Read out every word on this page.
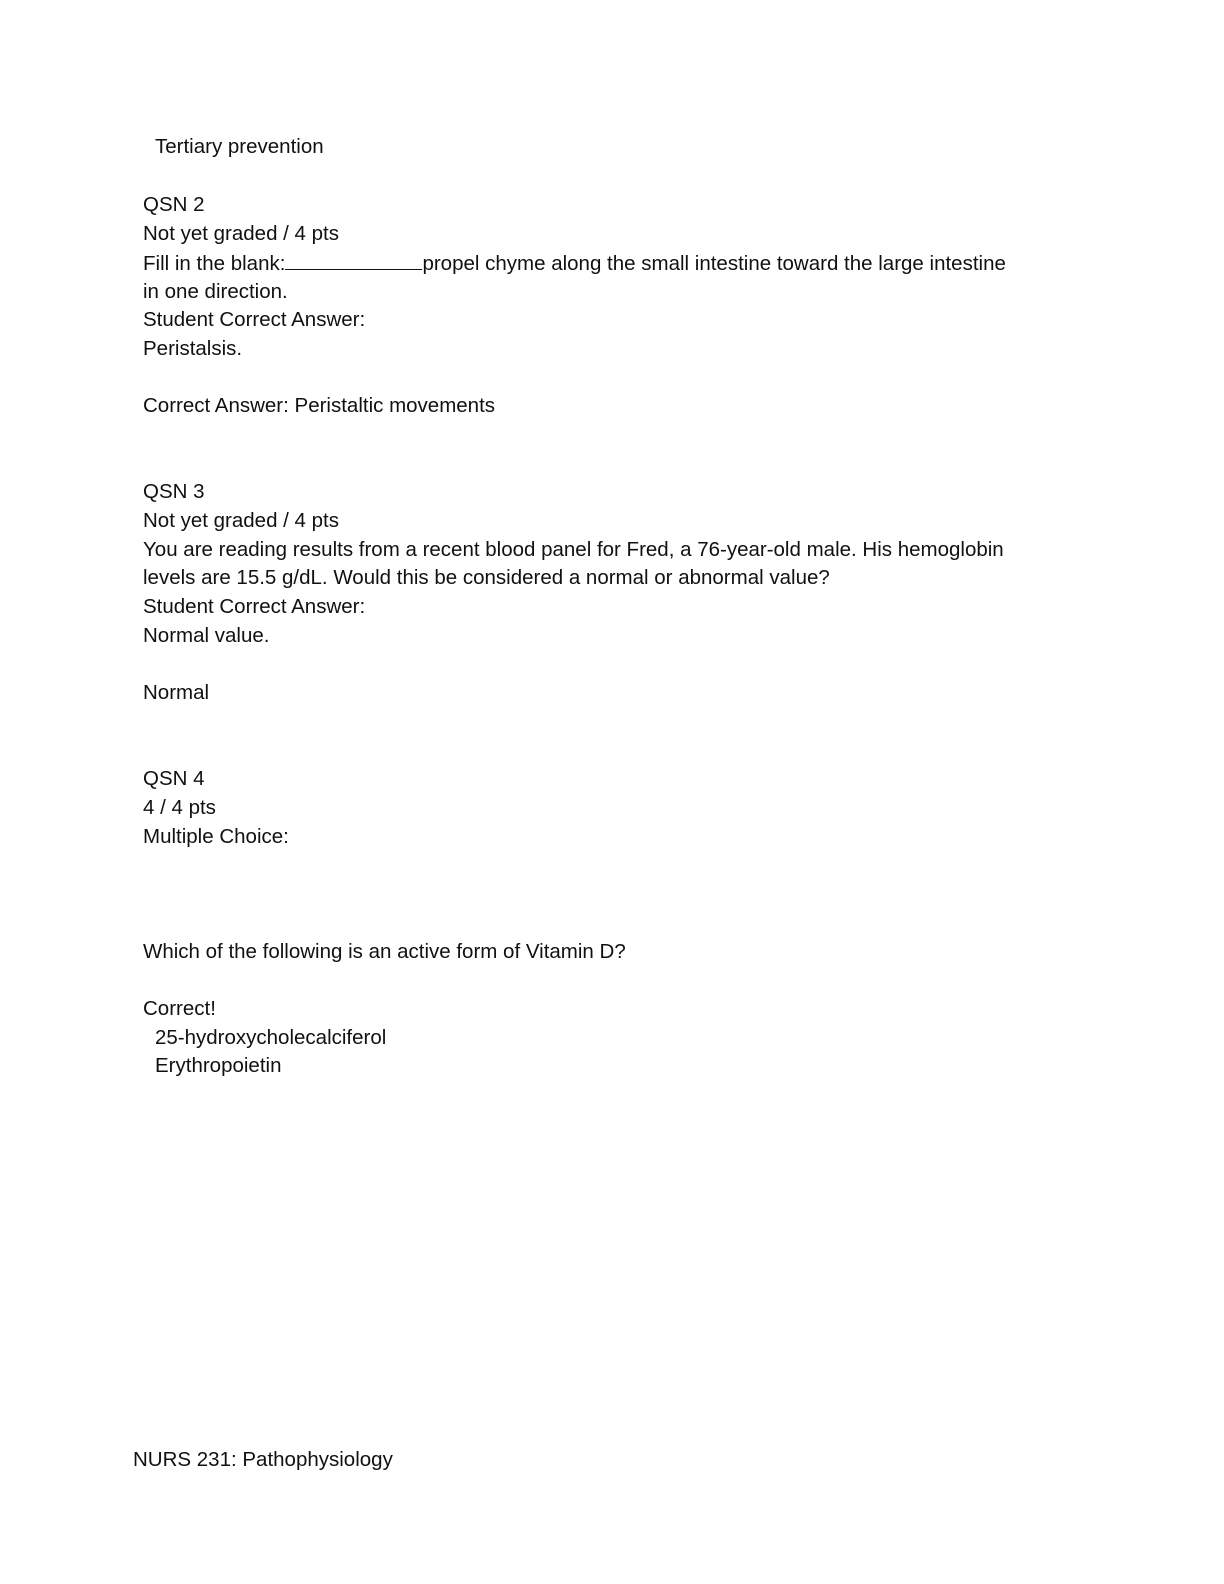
Tertiary prevention
QSN 2
Not yet graded / 4 pts
Fill in the blank:	propel chyme along the small intestine toward the large intestine
in one direction.
Student Correct Answer:
Peristalsis.
Correct Answer: Peristaltic movements
QSN 3
Not yet graded / 4 pts
You are reading results from a recent blood panel for Fred, a 76-year-old male. His hemoglobin
levels are 15.5 g/dL. Would this be considered a normal or abnormal value?
Student Correct Answer:
Normal value.
Normal
QSN 4
4 / 4 pts
Multiple Choice:
Which of the following is an active form of Vitamin D?
Correct!
25-hydroxycholecalciferol
Erythropoietin
NURS 231: Pathophysiology
